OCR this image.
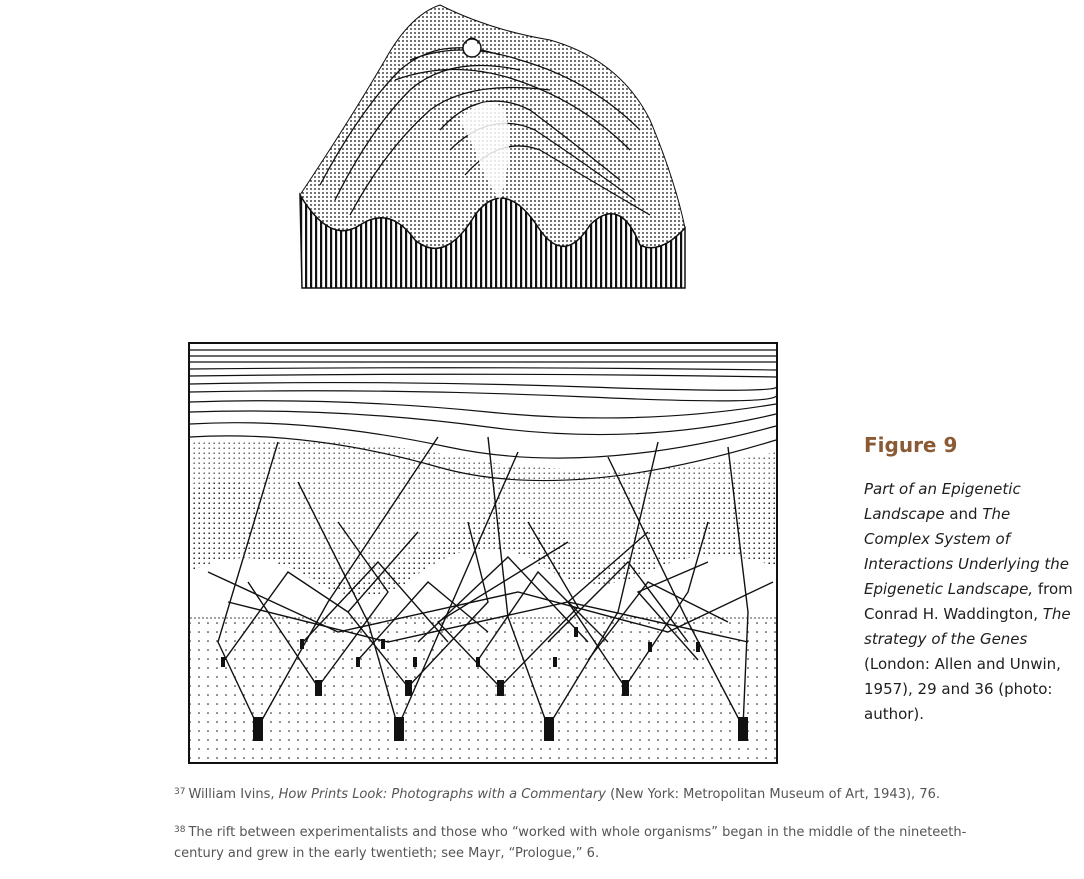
Figure 9
Part of an Epigenetic Landscape and The Complex System of Interactions Underlying the Epigenetic Landscape, from Conrad H. Waddington, The strategy of the Genes (London: Allen and Unwin, 1957), 29 and 36 (photo: author).
$^{37}$ William Ivins, How Prints Look: Photographs with a Commentary (New York: Metropolitan Museum of Art, 1943), 76.
$^{38}$ The rift between experimentalists and those who “worked with whole organisms” began in the middle of the nineteeth-century and grew in the early twentieth; see Mayr, “Prologue,” 6.
